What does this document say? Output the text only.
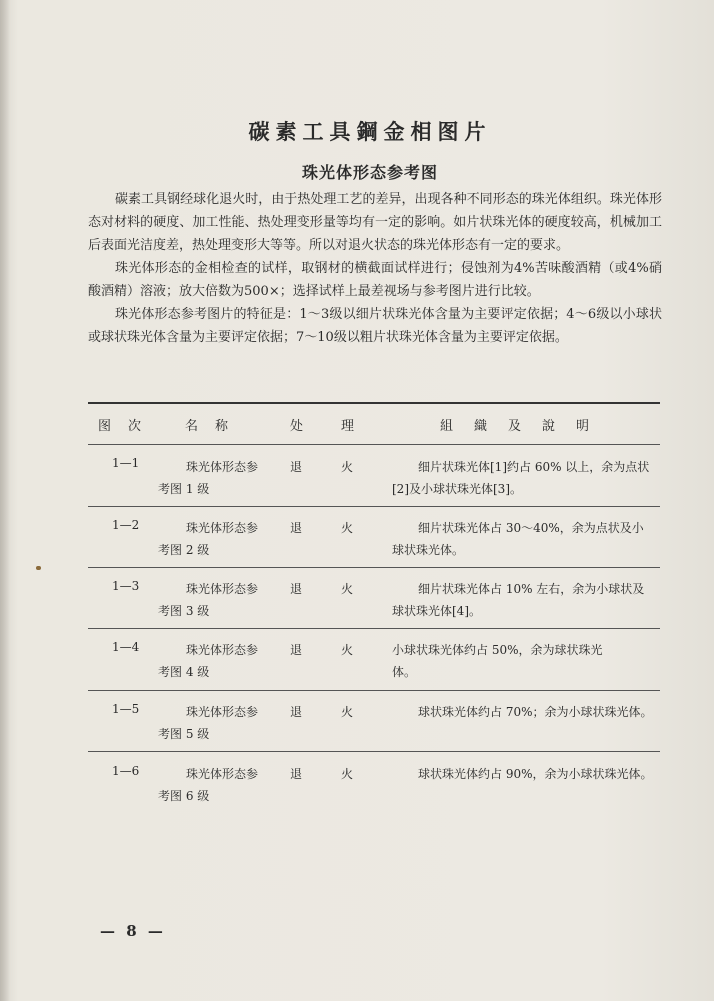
碳素工具鋼金相图片
珠光体形态参考图

碳素工具钢经球化退火时，由于热处理工艺的差异，出现各种不同形态的珠光体组织。珠光体形态对材料的硬度、加工性能、热处理变形量等均有一定的影响。如片状珠光体的硬度较高，机械加工后表面光洁度差，热处理变形大等等。所以对退火状态的珠光体形态有一定的要求。

珠光体形态的金相检查的试样，取钢材的横截面试样进行；侵蚀剂为4%苦味酸酒精（或4%硝酸酒精）溶液；放大倍数为500×；选择试样上最差视场与参考图片进行比较。

珠光体形态参考图片的特征是：1～3级以细片状珠光体含量为主要评定依据；4～6级以小球状或球状珠光体含量为主要评定依据；7～10级以粗片状珠光体含量为主要评定依据。

图　次	名　称	处	理	組　織　及　說　明
1—1	珠光体形态参
考图 1 级
退	火	细片状珠光体[1]约占 60% 以上，余为点状
[2]及小球状珠光体[3]。
1—2	珠光体形态参
考图 2 级
退	火	细片状珠光体占 30～40%，余为点状及小
球状珠光体。
1—3	珠光体形态参
考图 3 级
退	火	细片状珠光体占 10% 左右，余为小球状及
球状珠光体[4]。
1—4	珠光体形态参
考图 4 级
退	火	小球状珠光体约占 50%，余为球状珠光
体。
1—5	珠光体形态参
考图 5 级
退	火	球状珠光体约占 70%；余为小球状珠光体。
1—6	珠光体形态参
考图 6 级
退	火	球状珠光体约占 90%，余为小球状珠光体。
— 8 —
